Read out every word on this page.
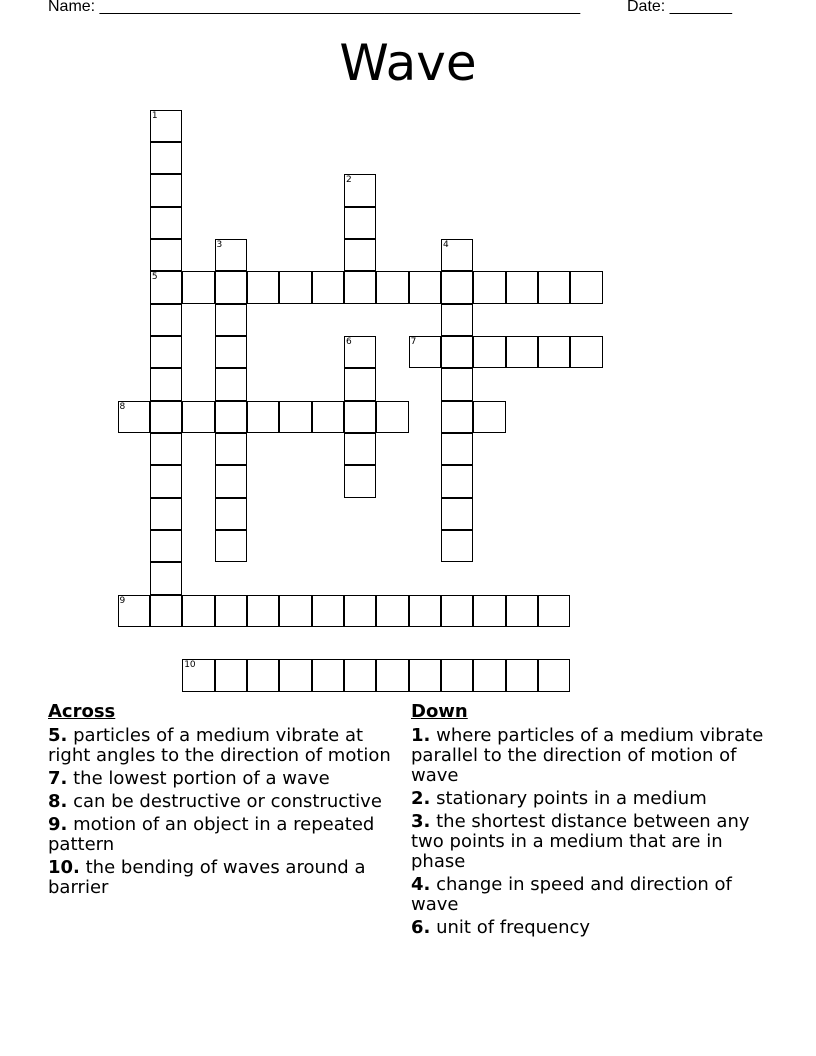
Name: ______________________________________________________	Date: _______
Wave
1
5
2
3	4
6	7
8
9
10
Across
5. particles of a medium vibrate at right angles to the direction of motion
7. the lowest portion of a wave
8. can be destructive or constructive
9. motion of an object in a repeated pattern
10. the bending of waves around a barrier
Down
1. where particles of a medium vibrate parallel to the direction of motion of wave
2. stationary points in a medium
3. the shortest distance between any two points in a medium that are in phase
4. change in speed and direction of wave
6. unit of frequency
